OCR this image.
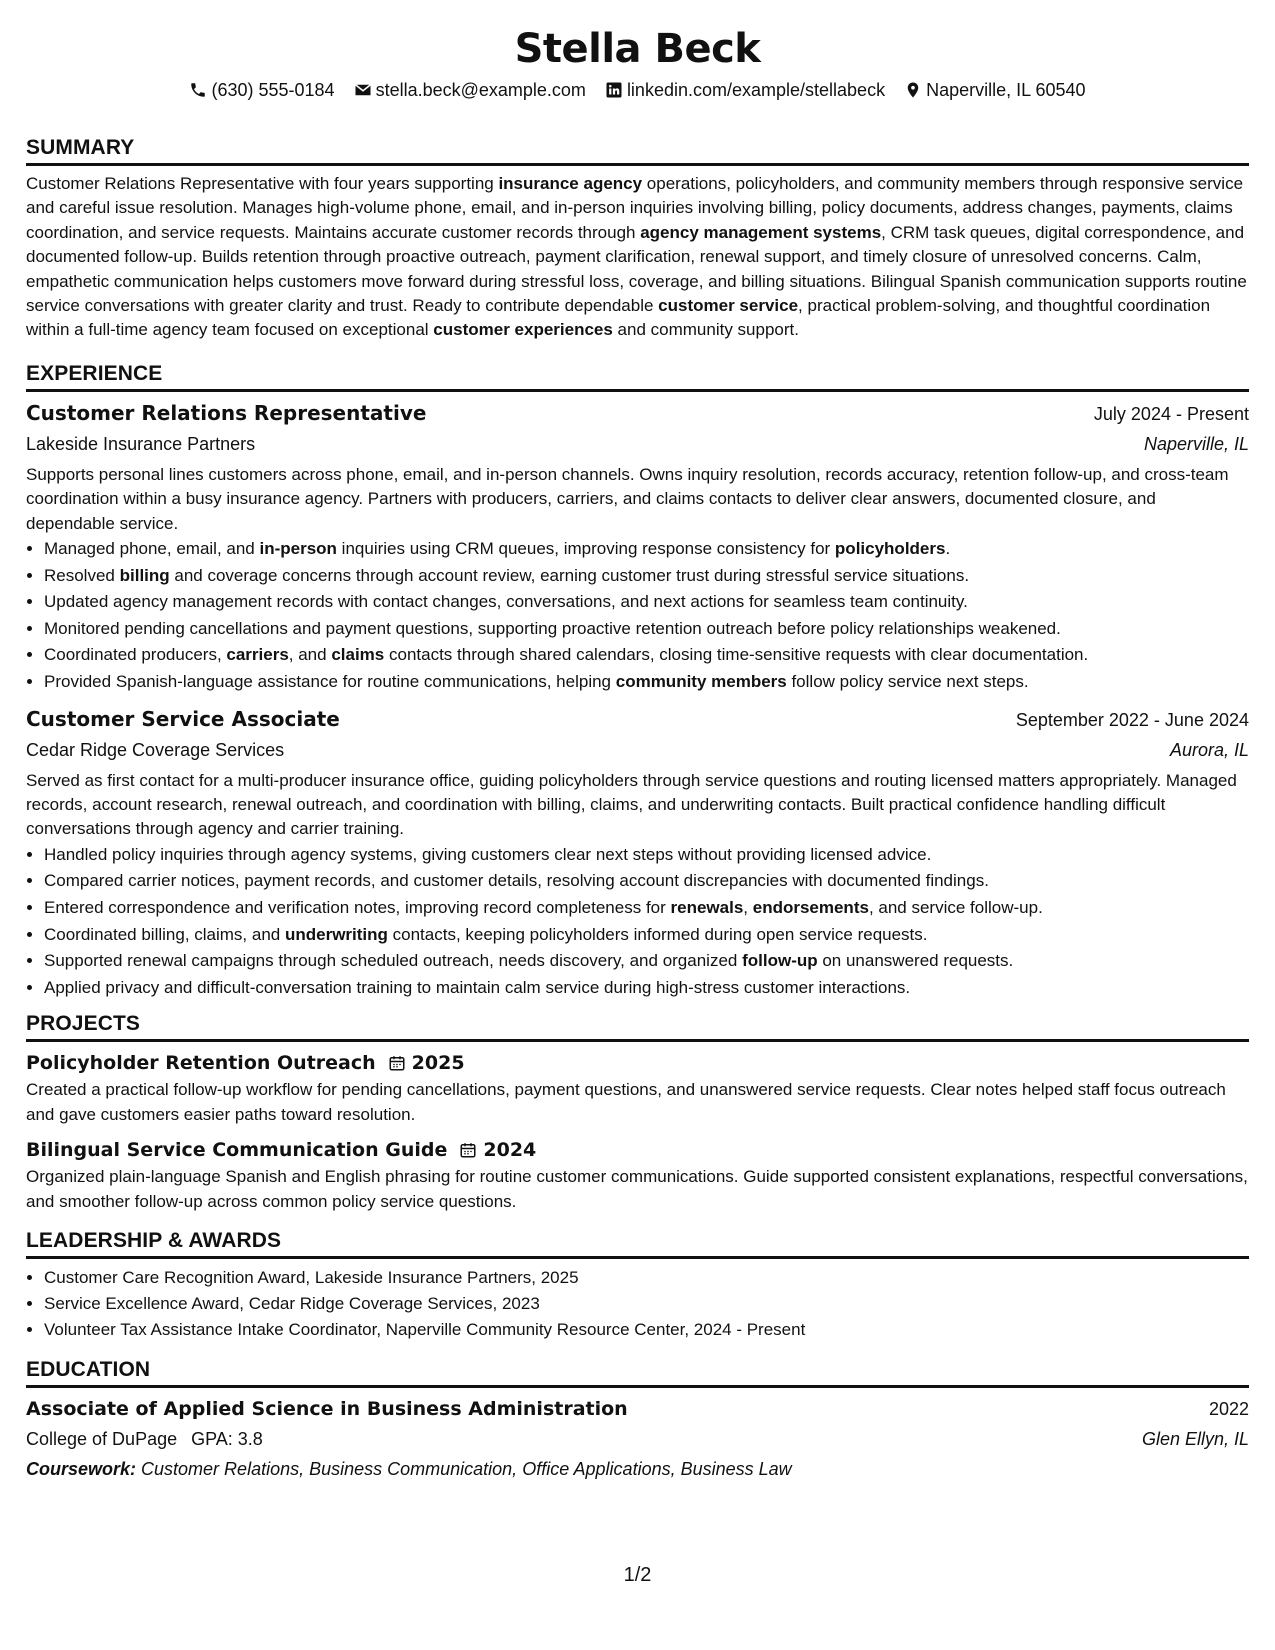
Stella Beck
(630) 555-0184
stella.beck@example.com
linkedin.com/example/stellabeck
Naperville, IL 60540
SUMMARY

Customer Relations Representative with four years supporting insurance agency operations, policyholders, and community members through responsive service and careful issue resolution. Manages high-volume phone, email, and in-person inquiries involving billing, policy documents, address changes, payments, claims coordination, and service requests. Maintains accurate customer records through agency management systems, CRM task queues, digital correspondence, and documented follow-up. Builds retention through proactive outreach, payment clarification, renewal support, and timely closure of unresolved concerns. Calm, empathetic communication helps customers move forward during stressful loss, coverage, and billing situations. Bilingual Spanish communication supports routine service conversations with greater clarity and trust. Ready to contribute dependable customer service, practical problem-solving, and thoughtful coordination within a full-time agency team focused on exceptional customer experiences and community support.

EXPERIENCE
Customer Relations Representative	July 2024 - Present
Lakeside Insurance Partners	Naperville, IL
Supports personal lines customers across phone, email, and in-person channels. Owns inquiry resolution, records accuracy, retention follow-up, and cross-team coordination within a busy insurance agency. Partners with producers, carriers, and claims contacts to deliver clear answers, documented closure, and dependable service.
• Managed phone, email, and in-person inquiries using CRM queues, improving response consistency for policyholders.
• Resolved billing and coverage concerns through account review, earning customer trust during stressful service situations.
• Updated agency management records with contact changes, conversations, and next actions for seamless team continuity.
• Monitored pending cancellations and payment questions, supporting proactive retention outreach before policy relationships weakened.
• Coordinated producers, carriers, and claims contacts through shared calendars, closing time-sensitive requests with clear documentation.
• Provided Spanish-language assistance for routine communications, helping community members follow policy service next steps.
Customer Service Associate	September 2022 - June 2024
Cedar Ridge Coverage Services	Aurora, IL
Served as first contact for a multi-producer insurance office, guiding policyholders through service questions and routing licensed matters appropriately. Managed records, account research, renewal outreach, and coordination with billing, claims, and underwriting contacts. Built practical confidence handling difficult conversations through agency and carrier training.
• Handled policy inquiries through agency systems, giving customers clear next steps without providing licensed advice.
• Compared carrier notices, payment records, and customer details, resolving account discrepancies with documented findings.
• Entered correspondence and verification notes, improving record completeness for renewals, endorsements, and service follow-up.
• Coordinated billing, claims, and underwriting contacts, keeping policyholders informed during open service requests.
• Supported renewal campaigns through scheduled outreach, needs discovery, and organized follow-up on unanswered requests.
• Applied privacy and difficult-conversation training to maintain calm service during high-stress customer interactions.
PROJECTS
Policyholder Retention Outreach 2025
Created a practical follow-up workflow for pending cancellations, payment questions, and unanswered service requests. Clear notes helped staff focus outreach and gave customers easier paths toward resolution.
Bilingual Service Communication Guide 2024
Organized plain-language Spanish and English phrasing for routine customer communications. Guide supported consistent explanations, respectful conversations, and smoother follow-up across common policy service questions.
LEADERSHIP & AWARDS
• Customer Care Recognition Award, Lakeside Insurance Partners, 2025
• Service Excellence Award, Cedar Ridge Coverage Services, 2023
• Volunteer Tax Assistance Intake Coordinator, Naperville Community Resource Center, 2024 - Present
EDUCATION
Associate of Applied Science in Business Administration	2022
College of DuPage GPA: 3.8	Glen Ellyn, IL
Coursework: Customer Relations, Business Communication, Office Applications, Business Law
1/2
